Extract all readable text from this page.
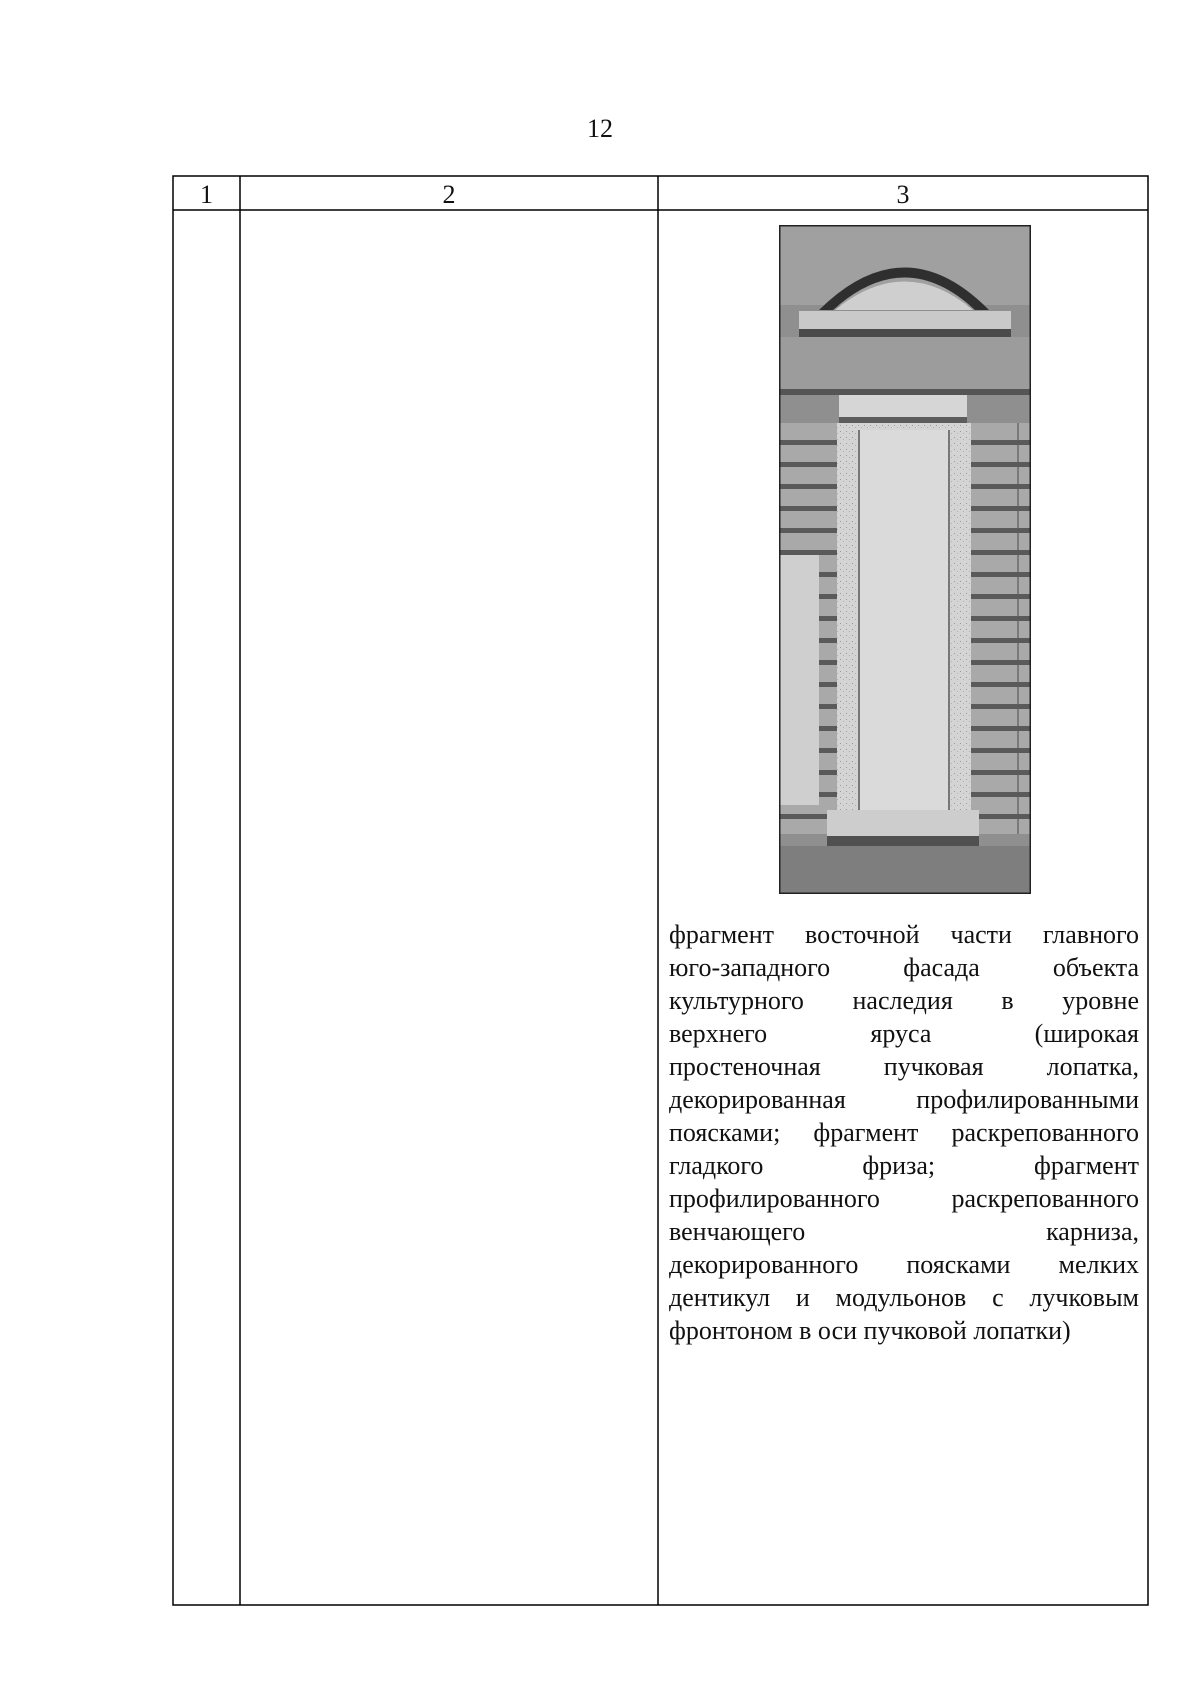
12
1	2	3
фрагмент восточной части главного
юго-западного фасада объекта
культурного наследия в уровне
верхнего яруса (широкая
простеночная пучковая лопатка,
декорированная профилированными
поясками; фрагмент раскрепованного
гладкого фриза; фрагмент
профилированного раскрепованного
венчающего карниза,
декорированного поясками мелких
дентикул и модульонов с лучковым
фронтоном в оси пучковой лопатки)
